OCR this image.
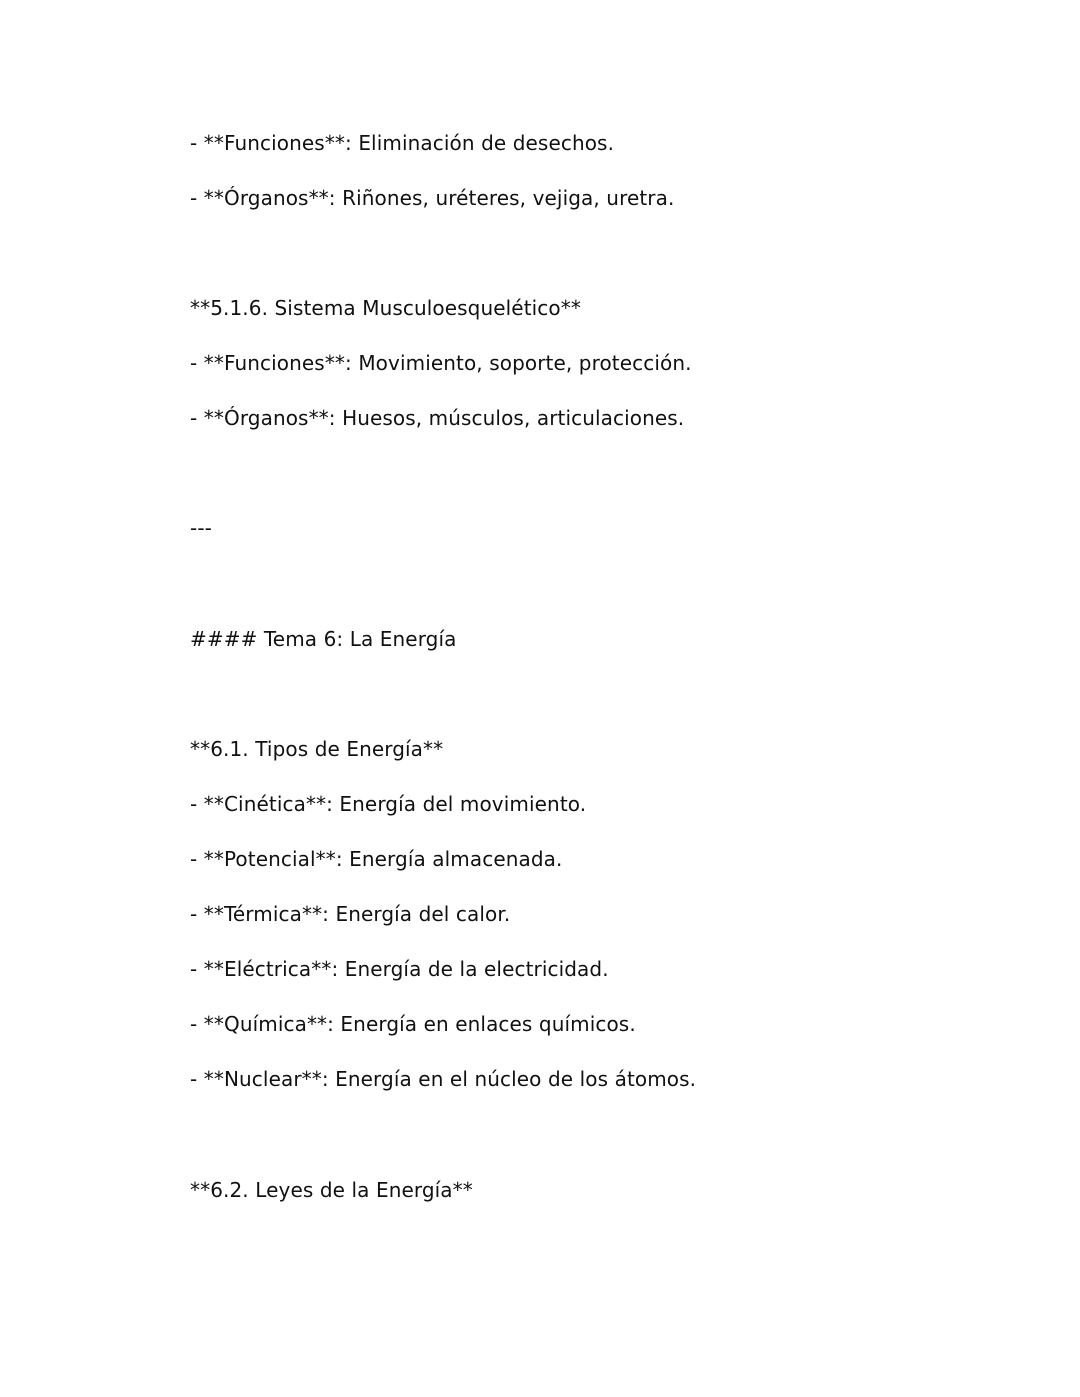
- **Funciones**: Eliminación de desechos.
- **Órganos**: Riñones, uréteres, vejiga, uretra.
**5.1.6. Sistema Musculoesquelético**
- **Funciones**: Movimiento, soporte, protección.
- **Órganos**: Huesos, músculos, articulaciones.
---
#### Tema 6: La Energía
**6.1. Tipos de Energía**
- **Cinética**: Energía del movimiento.
- **Potencial**: Energía almacenada.
- **Térmica**: Energía del calor.
- **Eléctrica**: Energía de la electricidad.
- **Química**: Energía en enlaces químicos.
- **Nuclear**: Energía en el núcleo de los átomos.
**6.2. Leyes de la Energía**
